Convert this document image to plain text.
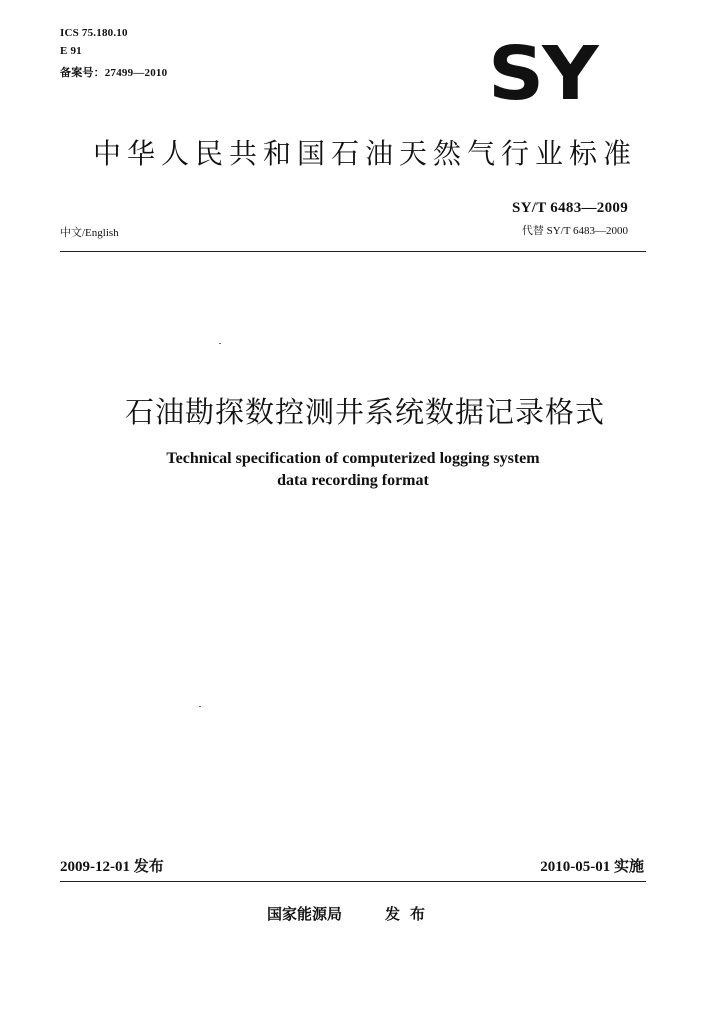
ICS 75.180.10
E 91
备案号：27499—2010	SY
中华人民共和国石油天然气行业标准
SY/T 6483—2009
中文/English	代替 SY/T 6483—2000
石油勘探数控测井系统数据记录格式
Technical specification of computerized logging system
data recording format
2009-12-01 发布	2010-05-01 实施
国家能源局	发布
